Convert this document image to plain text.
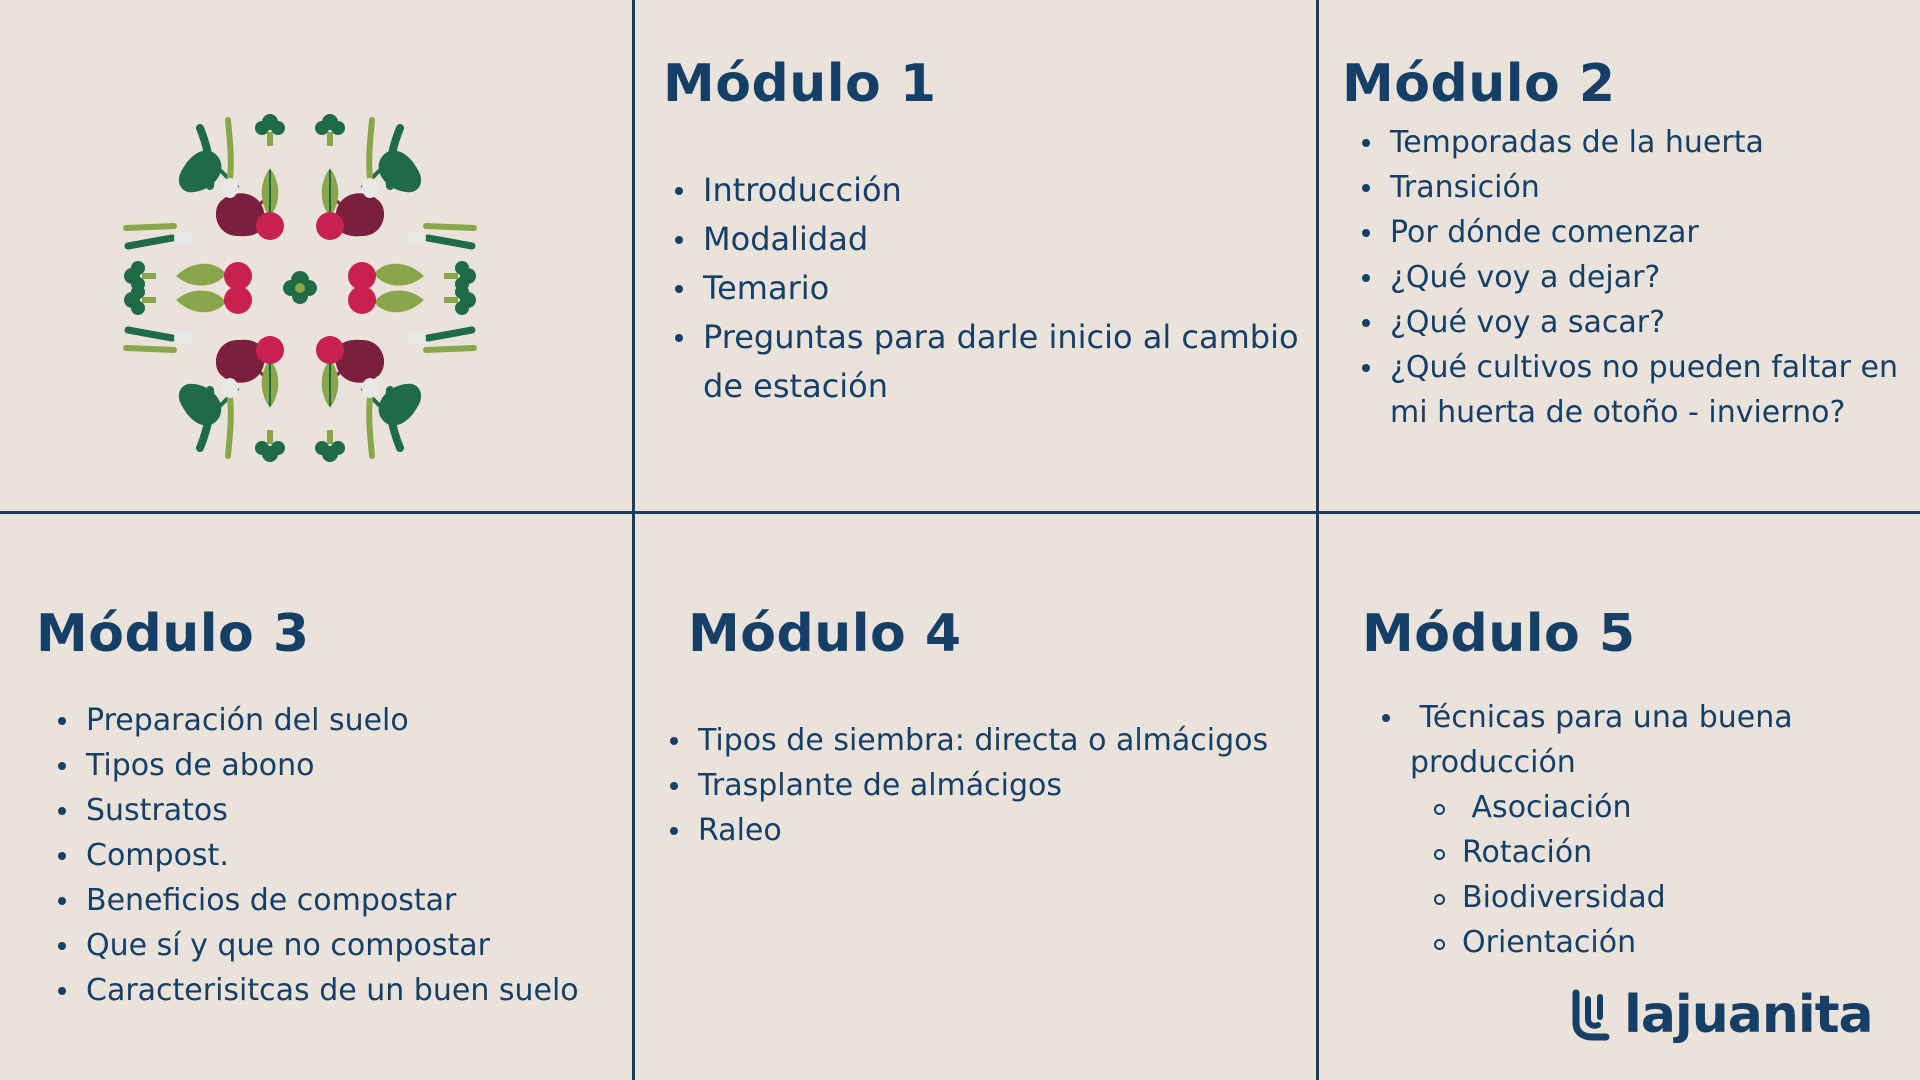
Módulo 1
Introducción
Modalidad
Temario
Preguntas para darle inicio al cambio de estación
Módulo 2
Temporadas de la huerta
Transición
Por dónde comenzar
¿Qué voy a dejar?
¿Qué voy a sacar?
¿Qué cultivos no pueden faltar en mi huerta de otoño - invierno?
Módulo 3
Preparación del suelo
Tipos de abono
Sustratos
Compost.
Beneficios de compostar
Que sí y que no compostar
Caracterisitcas de un buen suelo
Módulo 4
Tipos de siembra: directa o almácigos
Trasplante de almácigos
Raleo
Módulo 5
Técnicas para una buena producción
Asociación
Rotación
Biodiversidad
Orientación
lajuanita
